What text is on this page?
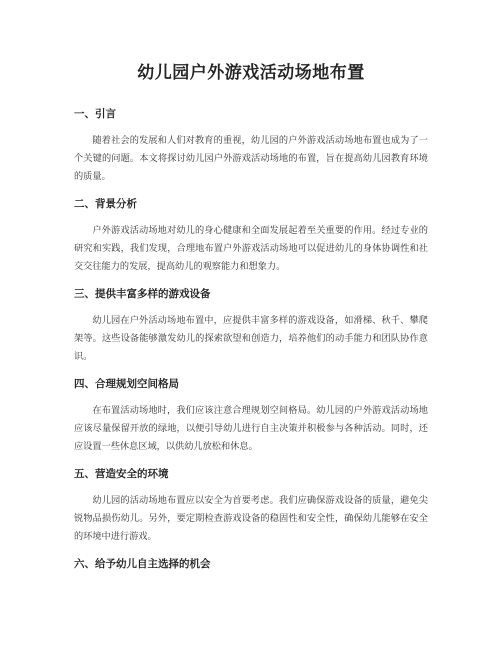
幼儿园户外游戏活动场地布置
一、引言

随着社会的发展和人们对教育的重视，幼儿园的户外游戏活动场地布置也成为了一个关键的问题。本文将探讨幼儿园户外游戏活动场地的布置，旨在提高幼儿园教育环境的质量。

二、背景分析

户外游戏活动场地对幼儿的身心健康和全面发展起着至关重要的作用。经过专业的研究和实践，我们发现，合理地布置户外游戏活动场地可以促进幼儿的身体协调性和社交交往能力的发展，提高幼儿的观察能力和想象力。

三、提供丰富多样的游戏设备

幼儿园在户外活动场地布置中，应提供丰富多样的游戏设备，如滑梯、秋千、攀爬架等。这些设备能够激发幼儿的探索欲望和创造力，培养他们的动手能力和团队协作意识。

四、合理规划空间格局

在布置活动场地时，我们应该注意合理规划空间格局。幼儿园的户外游戏活动场地应该尽量保留开放的绿地，以便引导幼儿进行自主决策并积极参与各种活动。同时，还应设置一些休息区域，以供幼儿放松和休息。

五、营造安全的环境

幼儿园的活动场地布置应以安全为首要考虑。我们应确保游戏设备的质量，避免尖锐物品损伤幼儿。另外，要定期检查游戏设备的稳固性和安全性，确保幼儿能够在安全的环境中进行游戏。

六、给予幼儿自主选择的机会
